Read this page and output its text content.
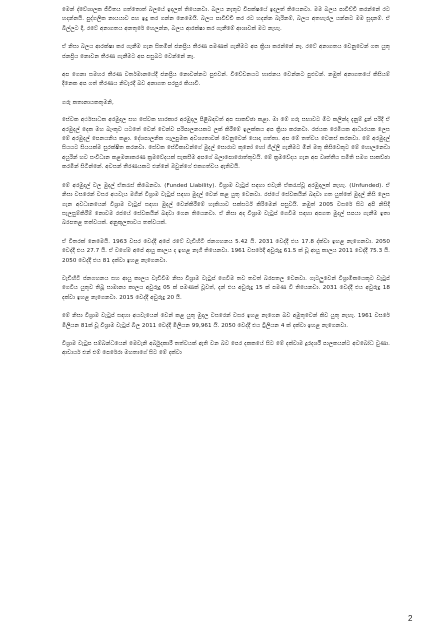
මෙන් ද්වේශාලක ජීවිතය ගත්තොත් බලයේ ඉදලත් තියෙනවා. බලය නැතුව විපක්ෂයේ ඉදලත් තියෙනවා. මම බලය පාවිච්චි කරන්නේ රට හදන්නයි. පුද්ගලික නායයාව පහ ඉදු කර ගන්න නෙමෙයි. බලය පාවිච්චි කර රට හදන්න බැරිනම්, බලය අතහැරල යන්නට මම සූදානම්. ඒ බිල්ලට දී, රටේ අනාගතය අනතුරේ හෙලන්න, බලය ආරක්ෂා කර ගැනීමේ ආශාවක් මට නැහැ.

ඒ නිසා බලය ආරක්ෂා කර ගැනීම ගැන සිතමින් ජනප්‍රිය තීරණ පමණක් ගැනීමට අප ක්‍රියා කරන්නේ නෑ. රටේ අනාගතය වෙනුවෙන් ගත යුතු ජනප්‍රිය නොවන තීරණ ගැනීමට අප පසුබට වෙන්නේ නෑ.

අප ගෙනා සමහර තීරණ වර්තමානයේදී ජනප්‍රිය නොවන්නට පුළුවන්. විවේචනයට භාජනය වෙන්නට පුළුවන්. නමුත් අනාගතයේ කිසියම් දිනෙක අප ගත් තීරණය නිවැරදි බව අනාගත පරපුර කියාවි.

ගරු කතානායකතුමනි,

සේවක අර්ථසාධක අරමුදල සහ සේවක භාරකාර අරමුදල පිළිබඳවත් අප සාකච්ඡා කළා. මා මේ ගරු සභාවට මීට කලින්ද දැනුම් දුන් පරිදි ඒ අරමුදල් දෙක මහ බැංකුව යටතේ වෙන් වෙන්ව පරිපාලනයකට ලක් කිරීමේ ඉලක්කය අප ක්‍රියා කරනවා. රජයක රෙමියක ආධාරයක ලෙස මේ අරමුදල් පෙනයනිය කළා. දේශපාලනික ගැලපුමක අවශ්‍යතාවන් වෙනුවෙන් යොදා ගත්තා. අප මේ තත්වය වෙනස් කරනවා. මේ අරමුදල් සියයට සියයක්ම සුරක්ෂිත කරනවා. සේවක සේවිකාවන්ගේ මුදල් සොරාට කුනෝ හෝ ගිල්ලි ගැනීමට මින් මතු කිසිවෙකුට මේ හොලනෙඩා අයුරින් හව සංවිධාන කළමනාකරණ ක්‍රමවේදයක් සැකසීම අපගේ බලාපොරොත්තුවයි. මේ ක්‍රමවේදය ගැන අප වෘත්තීය සමිති සමග සාකච්ඡා කරමින් සිටින්නේ. අවසන් තීරණයකට එන්නේ ඔවුන්ගේ එකගත්වය ඇතිවයි.

මේ අරමුදල් වල මුදල් ඒකරැස් කිබෙනවා. (Funded Liability). විශ්‍රාම වැටුප් සඳහා එවැනි ඒකරැස්වූ අරමුදලක් නැහැ. (Unfunded). ඒ නිසා වසරෙන් වසර අයවැය මගින් විශ්‍රාම වැටුප් සඳහා මුදල් වෙන් කළ යුතු වෙනවා. රජයේ සේවකයින් බඳවා ගත යුත්තේ මුදල් නිසි ලෙස ගැන අවධානයෙන් විශ්‍රාම වැටුප් සඳහා මුදල් වෙන්කිරීමේ හැකියාව සක්සර්ට් කිරිමෙන් පසුවයි. නමුත් 2005 වසරේ සිට අපි නිසිදි සැලසුම්කිරීම් නොවම රජයේ සේවකයින් බඳවා ගෙන තියෙනවා. ඒ නිසා අද විශ්‍රාම වැටුප් ගෙවීම සඳහා අපගත මුදල් සපයා ගැනීම ඉතා බරපතළ තත්වයක්. අනුකූලතාවය තත්වයක්.

ඒ විතරක් නෙමෙයි. 1963 වසර වෙද්දී අපේ රටේ වැඩිහිටි ජනගහනය 5.42 යි. 2031 වෙද්දී එය 17.8 ද්ක්වා ඉහළ නැගෙනවා. 2050 වෙද්දී එය 27.7 යි. ඒ වගේම අපේ ආයු කාලය ද ඉහළ නැගී තියෙනවා. 1961 වසරේදී අවුරුදු 61.5 ක් වූ ආයු කාලය 2011 වෙද්දී 75.3 යි. 2050 වෙද්දී එය 81 දක්වා ඉහළ නැගෙනවා.

වැඩිහිටි ජනගහනය සහ ආයු කාලය වැඩිවීම නිසා විශ්‍රාම වැටුප් ගෙවීම තව තවත් බරපතල වෙනවා. ගැටලුවෙන් විශ්‍රාමිකයෙකුට වැටුප් ගෙවිය යුතුව තිබූ සාමාන්‍ය කාලය අවුරුදු 05 ක් පමණක් වූවත්, දැන් එය අවුරුදු 15 ක් පමණ වී තියෙනවා. 2031 වෙද්දී එය අවුරුදු 18 දක්වා ඉහළ නැගෙනවා. 2015 වෙද්දී අවුරුදු 20 යි.

මේ නිසා විශ්‍රාම වැටුප් සඳහා අයවැයෙන් වෙන් කළ යුතු මුදල වසරෙන් වසර ඉහළ නැගෙන බව අමුතුවෙන් කිව යුතු නැහැ. 1961 වසරේ මිලියන 81ක් වූ විශ්‍රාම වැටුප් බිල 2011 වෙද්දී මිලියන 99,961 යි. 2050 වෙද්දී එය ට්‍රිලියන 4 ක් දක්වා ඉහළ නැගෙනවා.

විශ්‍රාම වැටුප සම්බන්ධයෙන් මෙවැනි අර්බුදකාරී තත්වයක් ඇති වන බව පෙර දකකයේ සිට මේ දක්වාම දූරදර්ශී පාලකයන්ට අවබෝධ වුණා. ආචාර්ය එන් එම් පෙරේරා මහතාගේ සිට මේ දක්වා

2
